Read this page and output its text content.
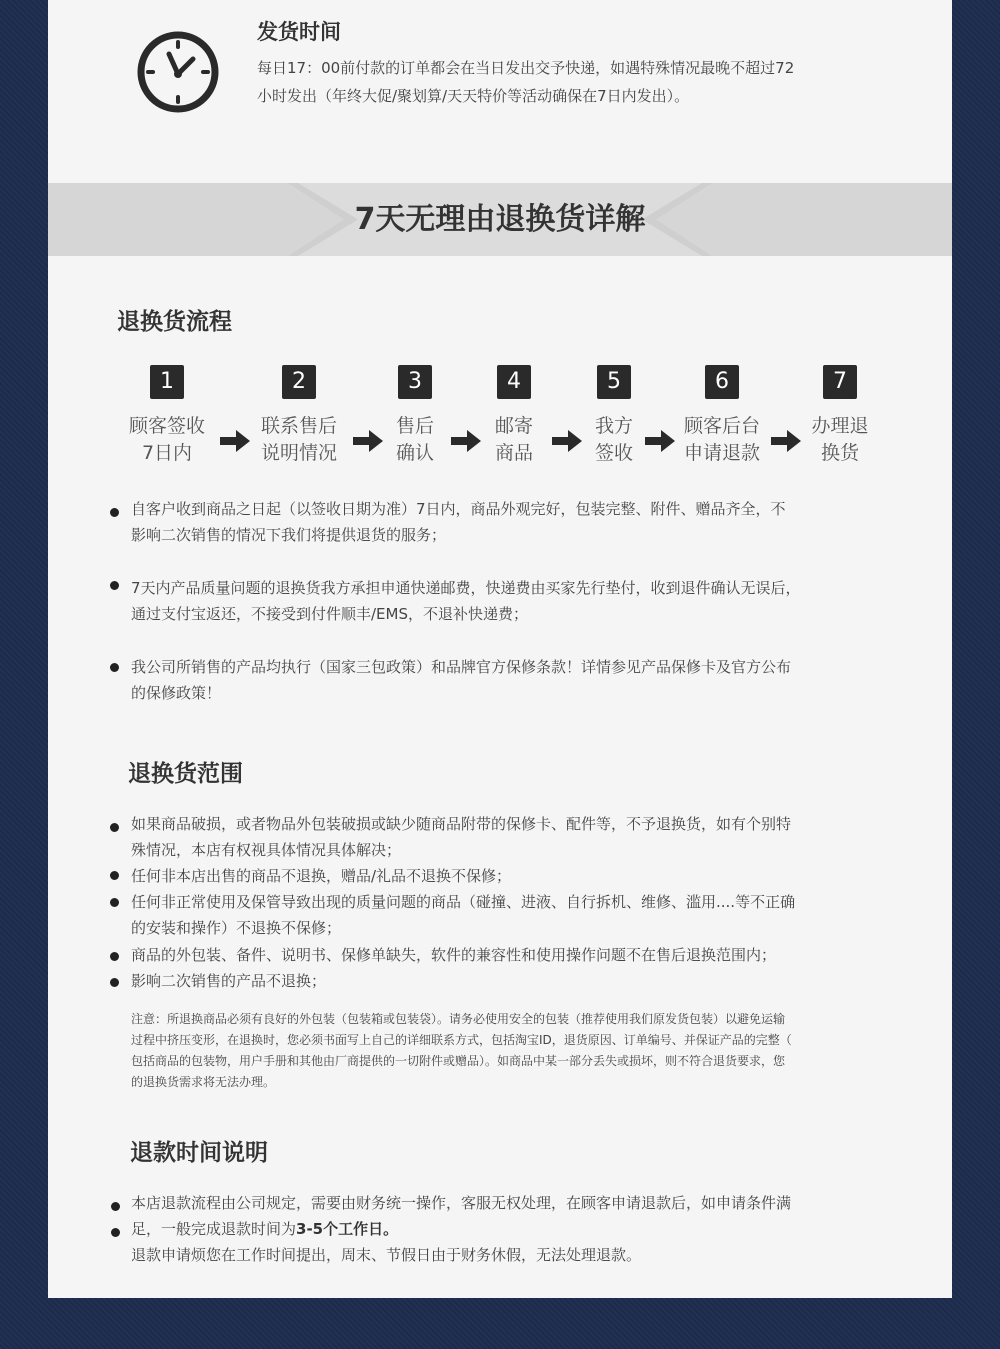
发货时间
每日17：00前付款的订单都会在当日发出交予快递，如遇特殊情况最晚不超过72
小时发出（年终大促/聚划算/天天特价等活动确保在7日内发出）。
7天无理由退换货详解
退换货流程
1
顾客签收
7日内
2
联系售后
说明情况
3
售后
确认
4
邮寄
商品
5
我方
签收
6
顾客后台
申请退款
7
办理退
换货
自客户收到商品之日起（以签收日期为准）7日内，商品外观完好，包装完整、附件、赠品齐全，不
影响二次销售的情况下我们将提供退货的服务；
7天内产品质量问题的退换货我方承担申通快递邮费，快递费由买家先行垫付，收到退件确认无误后，
通过支付宝返还，不接受到付件顺丰/EMS，不退补快递费；
我公司所销售的产品均执行（国家三包政策）和品牌官方保修条款！详情参见产品保修卡及官方公布
的保修政策！
退换货范围
如果商品破损，或者物品外包装破损或缺少随商品附带的保修卡、配件等，不予退换货，如有个别特
殊情况，本店有权视具体情况具体解决；
任何非本店出售的商品不退换，赠品/礼品不退换不保修；
任何非正常使用及保管导致出现的质量问题的商品（碰撞、进液、自行拆机、维修、滥用....等不正确
的安装和操作）不退换不保修；
商品的外包装、备件、说明书、保修单缺失，软件的兼容性和使用操作问题不在售后退换范围内；
影响二次销售的产品不退换；
注意：所退换商品必须有良好的外包装（包装箱或包装袋）。请务必使用安全的包装（推荐使用我们原发货包装）以避免运输
过程中挤压变形，在退换时，您必须书面写上自己的详细联系方式，包括淘宝ID，退货原因、订单编号、并保证产品的完整（
包括商品的包装物，用户手册和其他由厂商提供的一切附件或赠品）。如商品中某一部分丢失或损坏，则不符合退货要求，您
的退换货需求将无法办理。
退款时间说明
本店退款流程由公司规定，需要由财务统一操作，客服无权处理，在顾客申请退款后，如申请条件满
足，一般完成退款时间为3-5个工作日。
退款申请烦您在工作时间提出，周末、节假日由于财务休假，无法处理退款。
